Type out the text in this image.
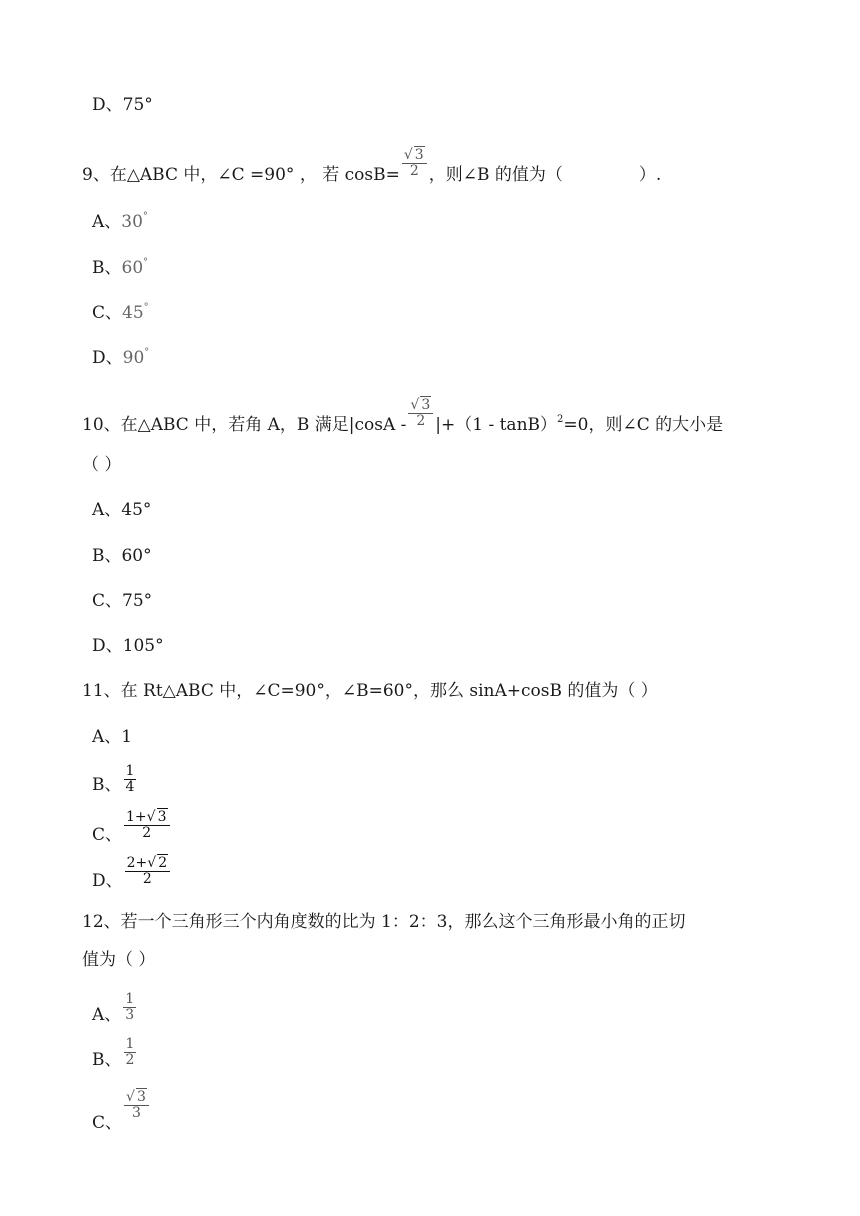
D、75°
9、在△ABC 中，∠C =90° ， 若 $\cos B= \frac{√ 3}{2}$ ，则∠B 的值为（	）.
A、30°
B、60°
C、45°
D、90°
10、在△ABC 中，若角 A，B 满足$|\cos A - \frac{√ 3}{2} |+(1 - \tan B)^2=0$，则∠C 的大小是
（ ）
A、45°
B、60°
C、75°
D、105°
11、在 Rt△ABC 中，∠C=90°，∠B=60°，那么 sinA+cosB 的值为（ ）
A、1
B、 $\frac{1}{4}$
C、 $\frac{1+√ 3}{2}$
D、 $\frac{2+√ 2}{2}$
12、若一个三角形三个内角度数的比为 1：2：3，那么这个三角形最小角的正切
值为（ ）
A、 $\frac{1}{3}$
B、 $\frac{1}{2}$
C、
$\frac{√ 3}{3}$
